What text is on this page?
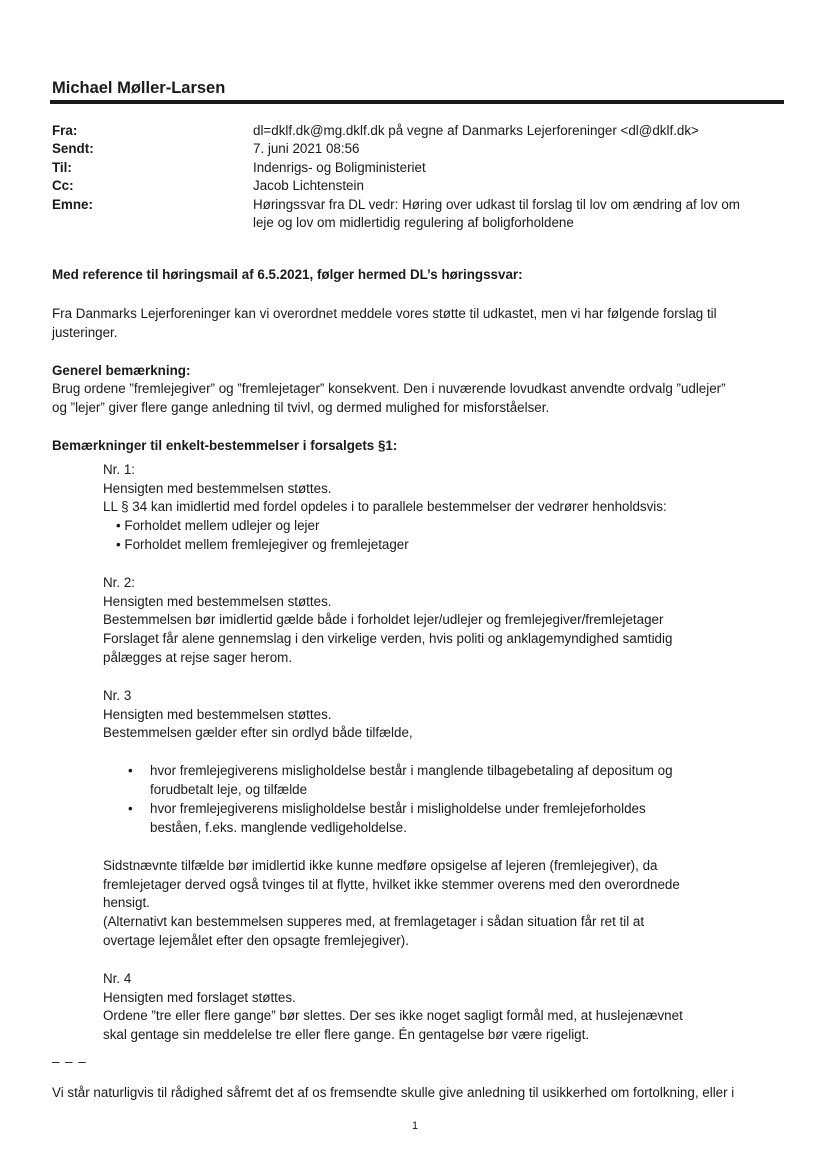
Michael Møller-Larsen
Fra:	dl=dklf.dk@mg.dklf.dk på vegne af Danmarks Lejerforeninger <dl@dklf.dk>
Sendt:	7. juni 2021 08:56
Til:	Indenrigs- og Boligministeriet
Cc:	Jacob Lichtenstein
Emne:	Høringssvar fra DL vedr: Høring over udkast til forslag til lov om ændring af lov om
leje og lov om midlertidig regulering af boligforholdene
Med reference til høringsmail af 6.5.2021, følger hermed DL’s høringssvar:
Fra Danmarks Lejerforeninger kan vi overordnet meddele vores støtte til udkastet, men vi har følgende forslag til
justeringer.
Generel bemærkning:
Brug ordene ”fremlejegiver” og ”fremlejetager” konsekvent. Den i nuværende lovudkast anvendte ordvalg ”udlejer”
og ”lejer” giver flere gange anledning til tvivl, og dermed mulighed for misforståelser.
Bemærkninger til enkelt-bestemmelser i forsalgets §1:
Nr. 1:
Hensigten med bestemmelsen støttes.
LL § 34 kan imidlertid med fordel opdeles i to parallele bestemmelser der vedrører henholdsvis:
• Forholdet mellem udlejer og lejer
• Forholdet mellem fremlejegiver og fremlejetager
Nr. 2:
Hensigten med bestemmelsen støttes.
Bestemmelsen bør imidlertid gælde både i forholdet lejer/udlejer og fremlejegiver/fremlejetager
Forslaget får alene gennemslag i den virkelige verden, hvis politi og anklagemyndighed samtidig
pålægges at rejse sager herom.
Nr. 3
Hensigten med bestemmelsen støttes.
Bestemmelsen gælder efter sin ordlyd både tilfælde,
• hvor fremlejegiverens misligholdelse består i manglende tilbagebetaling af depositum og
forudbetalt leje, og tilfælde
• hvor fremlejegiverens misligholdelse består i misligholdelse under fremlejeforholdes
beståen, f.eks. manglende vedligeholdelse.
Sidstnævnte tilfælde bør imidlertid ikke kunne medføre opsigelse af lejeren (fremlejegiver), da
fremlejetager derved også tvinges til at flytte, hvilket ikke stemmer overens med den overordnede
hensigt.
(Alternativt kan bestemmelsen supperes med, at fremlagetager i sådan situation får ret til at
overtage lejemålet efter den opsagte fremlejegiver).
Nr. 4
Hensigten med forslaget støttes.
Ordene ”tre eller flere gange” bør slettes. Der ses ikke noget sagligt formål med, at huslejenævnet
skal gentage sin meddelelse tre eller flere gange. Én gentagelse bør være rigeligt.
– – –
Vi står naturligvis til rådighed såfremt det af os fremsendte skulle give anledning til usikkerhed om fortolkning, eller i
1
